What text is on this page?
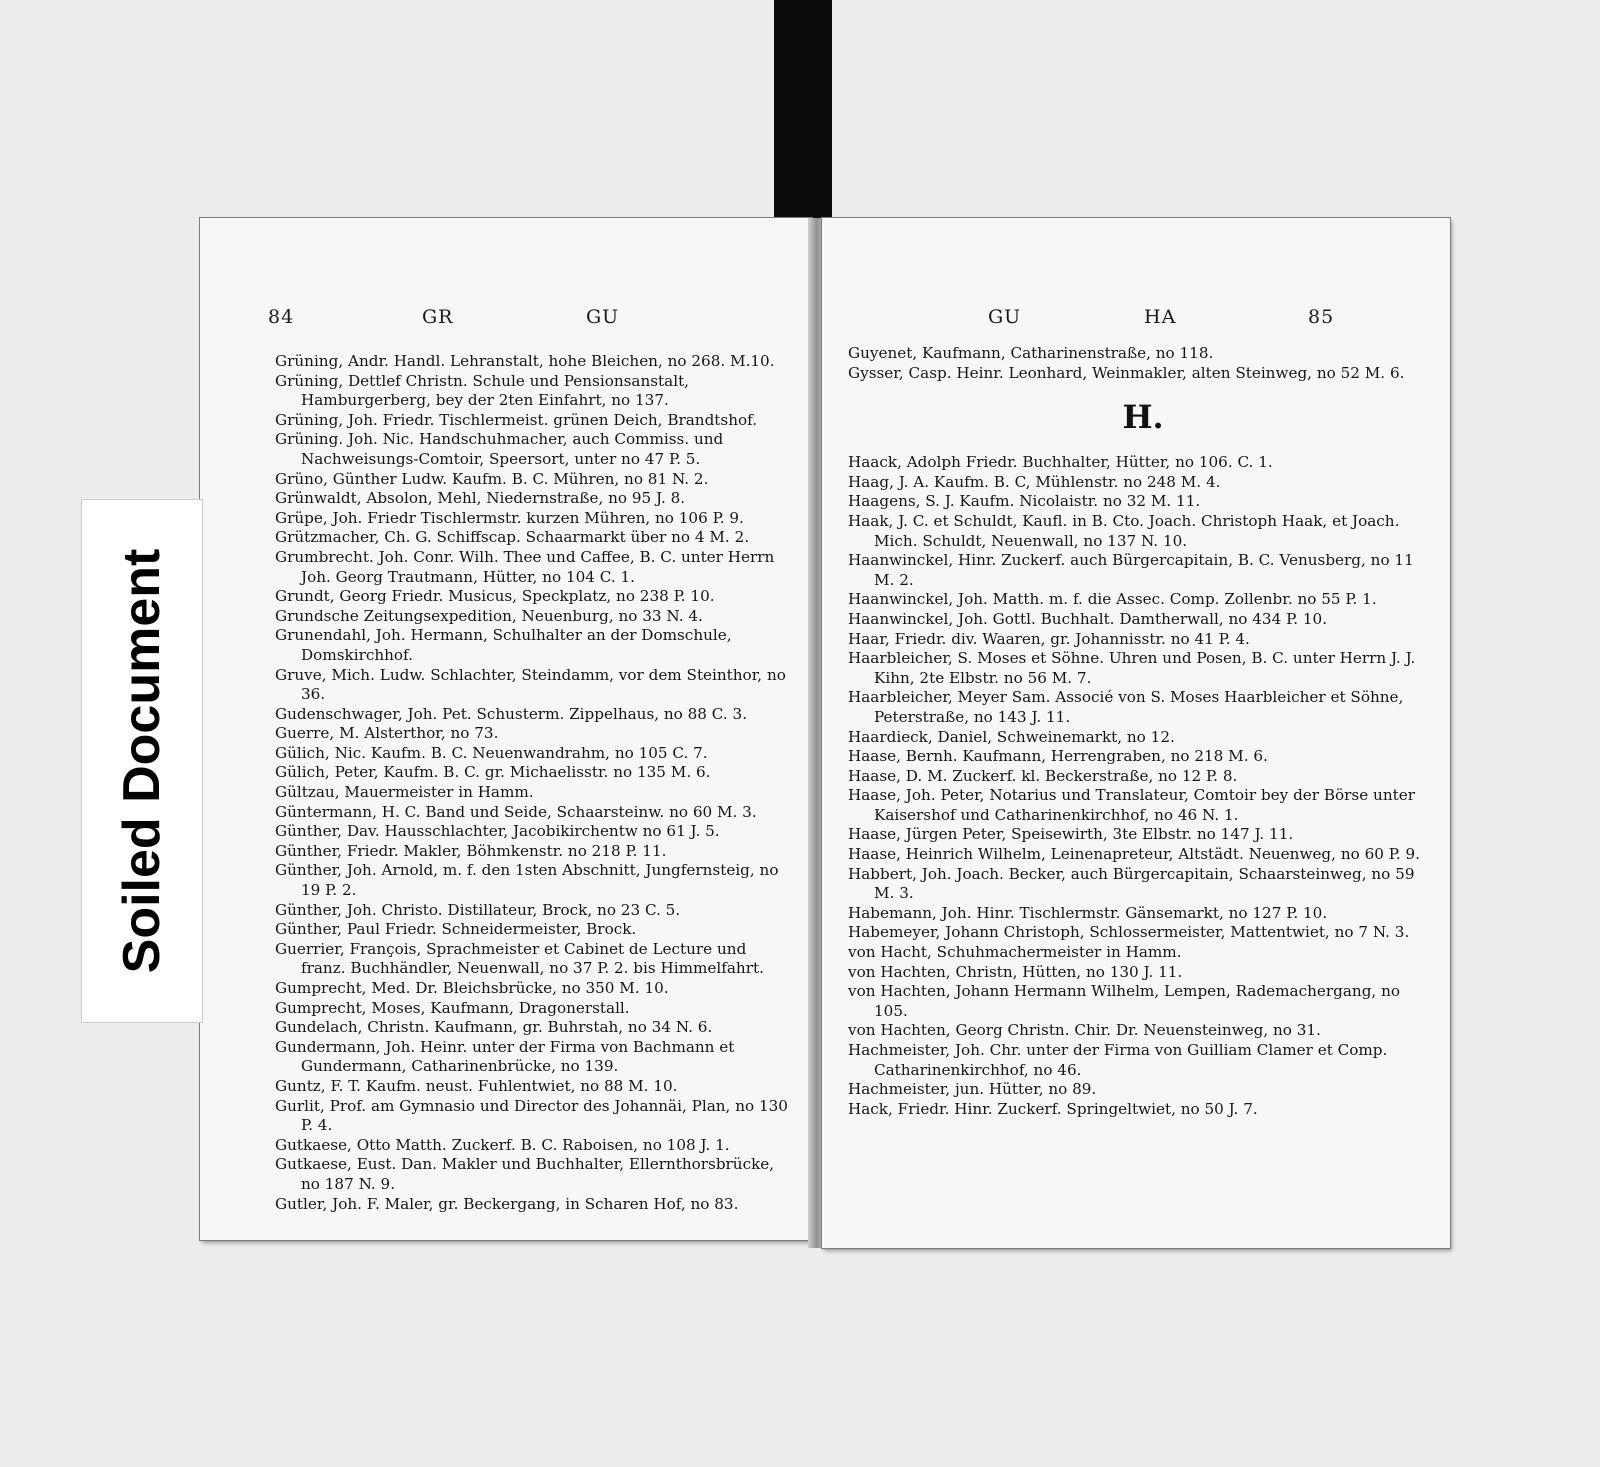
84	GR	GU
Grüning, Andr. Handl. Lehranstalt, hohe Bleichen, no 268. M.10.
Grüning, Dettlef Christn. Schule und Pensionsanstalt, Hamburgerberg, bey der 2ten Einfahrt, no 137.
Grüning, Joh. Friedr. Tischlermeist. grünen Deich, Brandtshof.
Grüning. Joh. Nic. Handschuhmacher, auch Commiss. und Nachweisungs-Comtoir, Speersort, unter no 47 P. 5.
Grüno, Günther Ludw. Kaufm. B. C. Mühren, no 81 N. 2.
Grünwaldt, Absolon, Mehl, Niedernstraße, no 95 J. 8.
Grüpe, Joh. Friedr Tischlermstr. kurzen Mühren, no 106 P. 9.
Grützmacher, Ch. G. Schiffscap. Schaarmarkt über no 4 M. 2.
Grumbrecht. Joh. Conr. Wilh. Thee und Caffee, B. C. unter Herrn Joh. Georg Trautmann, Hütter, no 104 C. 1.
Grundt, Georg Friedr. Musicus, Speckplatz, no 238 P. 10.
Grundsche Zeitungsexpedition, Neuenburg, no 33 N. 4.
Grunendahl, Joh. Hermann, Schulhalter an der Domschule, Domskirchhof.
Gruve, Mich. Ludw. Schlachter, Steindamm, vor dem Steinthor, no 36.
Gudenschwager, Joh. Pet. Schusterm. Zippelhaus, no 88 C. 3.
Guerre, M. Alsterthor, no 73.
Gülich, Nic. Kaufm. B. C. Neuenwandrahm, no 105 C. 7.
Gülich, Peter, Kaufm. B. C. gr. Michaelisstr. no 135 M. 6.
Gültzau, Mauermeister in Hamm.
Güntermann, H. C. Band und Seide, Schaarsteinw. no 60 M. 3.
Günther, Dav. Hausschlachter, Jacobikirchentw no 61 J. 5.
Günther, Friedr. Makler, Böhmkenstr. no 218 P. 11.
Günther, Joh. Arnold, m. f. den 1sten Abschnitt, Jungfernsteig, no 19 P. 2.
Günther, Joh. Christo. Distillateur, Brock, no 23 C. 5.
Günther, Paul Friedr. Schneidermeister, Brock.
Guerrier, François, Sprachmeister et Cabinet de Lecture und franz. Buchhändler, Neuenwall, no 37 P. 2. bis Himmelfahrt.
Gumprecht, Med. Dr. Bleichsbrücke, no 350 M. 10.
Gumprecht, Moses, Kaufmann, Dragonerstall.
Gundelach, Christn. Kaufmann, gr. Buhrstah, no 34 N. 6.
Gundermann, Joh. Heinr. unter der Firma von Bachmann et Gundermann, Catharinenbrücke, no 139.
Guntz, F. T. Kaufm. neust. Fuhlentwiet, no 88 M. 10.
Gurlit, Prof. am Gymnasio und Director des Johannäi, Plan, no 130 P. 4.
Gutkaese, Otto Matth. Zuckerf. B. C. Raboisen, no 108 J. 1.
Gutkaese, Eust. Dan. Makler und Buchhalter, Ellernthorsbrücke, no 187 N. 9.
Gutler, Joh. F. Maler, gr. Beckergang, in Scharen Hof, no 83.
GU	HA	85
Guyenet, Kaufmann, Catharinenstraße, no 118.
Gysser, Casp. Heinr. Leonhard, Weinmakler, alten Steinweg, no 52 M. 6.
H.
Haack, Adolph Friedr. Buchhalter, Hütter, no 106. C. 1.
Haag, J. A. Kaufm. B. C, Mühlenstr. no 248 M. 4.
Haagens, S. J. Kaufm. Nicolaistr. no 32 M. 11.
Haak, J. C. et Schuldt, Kaufl. in B. Cto. Joach. Christoph Haak, et Joach. Mich. Schuldt, Neuenwall, no 137 N. 10.
Haanwinckel, Hinr. Zuckerf. auch Bürgercapitain, B. C. Venusberg, no 11 M. 2.
Haanwinckel, Joh. Matth. m. f. die Assec. Comp. Zollenbr. no 55 P. 1.
Haanwinckel, Joh. Gottl. Buchhalt. Damtherwall, no 434 P. 10.
Haar, Friedr. div. Waaren, gr. Johannisstr. no 41 P. 4.
Haarbleicher, S. Moses et Söhne. Uhren und Posen, B. C. unter Herrn J. J. Kihn, 2te Elbstr. no 56 M. 7.
Haarbleicher, Meyer Sam. Associé von S. Moses Haarbleicher et Söhne, Peterstraße, no 143 J. 11.
Haardieck, Daniel, Schweinemarkt, no 12.
Haase, Bernh. Kaufmann, Herrengraben, no 218 M. 6.
Haase, D. M. Zuckerf. kl. Beckerstraße, no 12 P. 8.
Haase, Joh. Peter, Notarius und Translateur, Comtoir bey der Börse unter Kaisershof und Catharinenkirchhof, no 46 N. 1.
Haase, Jürgen Peter, Speisewirth, 3te Elbstr. no 147 J. 11.
Haase, Heinrich Wilhelm, Leinenapreteur, Altstädt. Neuenweg, no 60 P. 9.
Habbert, Joh. Joach. Becker, auch Bürgercapitain, Schaarsteinweg, no 59 M. 3.
Habemann, Joh. Hinr. Tischlermstr. Gänsemarkt, no 127 P. 10.
Habemeyer, Johann Christoph, Schlossermeister, Mattentwiet, no 7 N. 3.
von Hacht, Schuhmachermeister in Hamm.
von Hachten, Christn, Hütten, no 130 J. 11.
von Hachten, Johann Hermann Wilhelm, Lempen, Rademachergang, no 105.
von Hachten, Georg Christn. Chir. Dr. Neuensteinweg, no 31.
Hachmeister, Joh. Chr. unter der Firma von Guilliam Clamer et Comp. Catharinenkirchhof, no 46.
Hachmeister, jun. Hütter, no 89.
Hack, Friedr. Hinr. Zuckerf. Springeltwiet, no 50 J. 7.
Soiled Document
